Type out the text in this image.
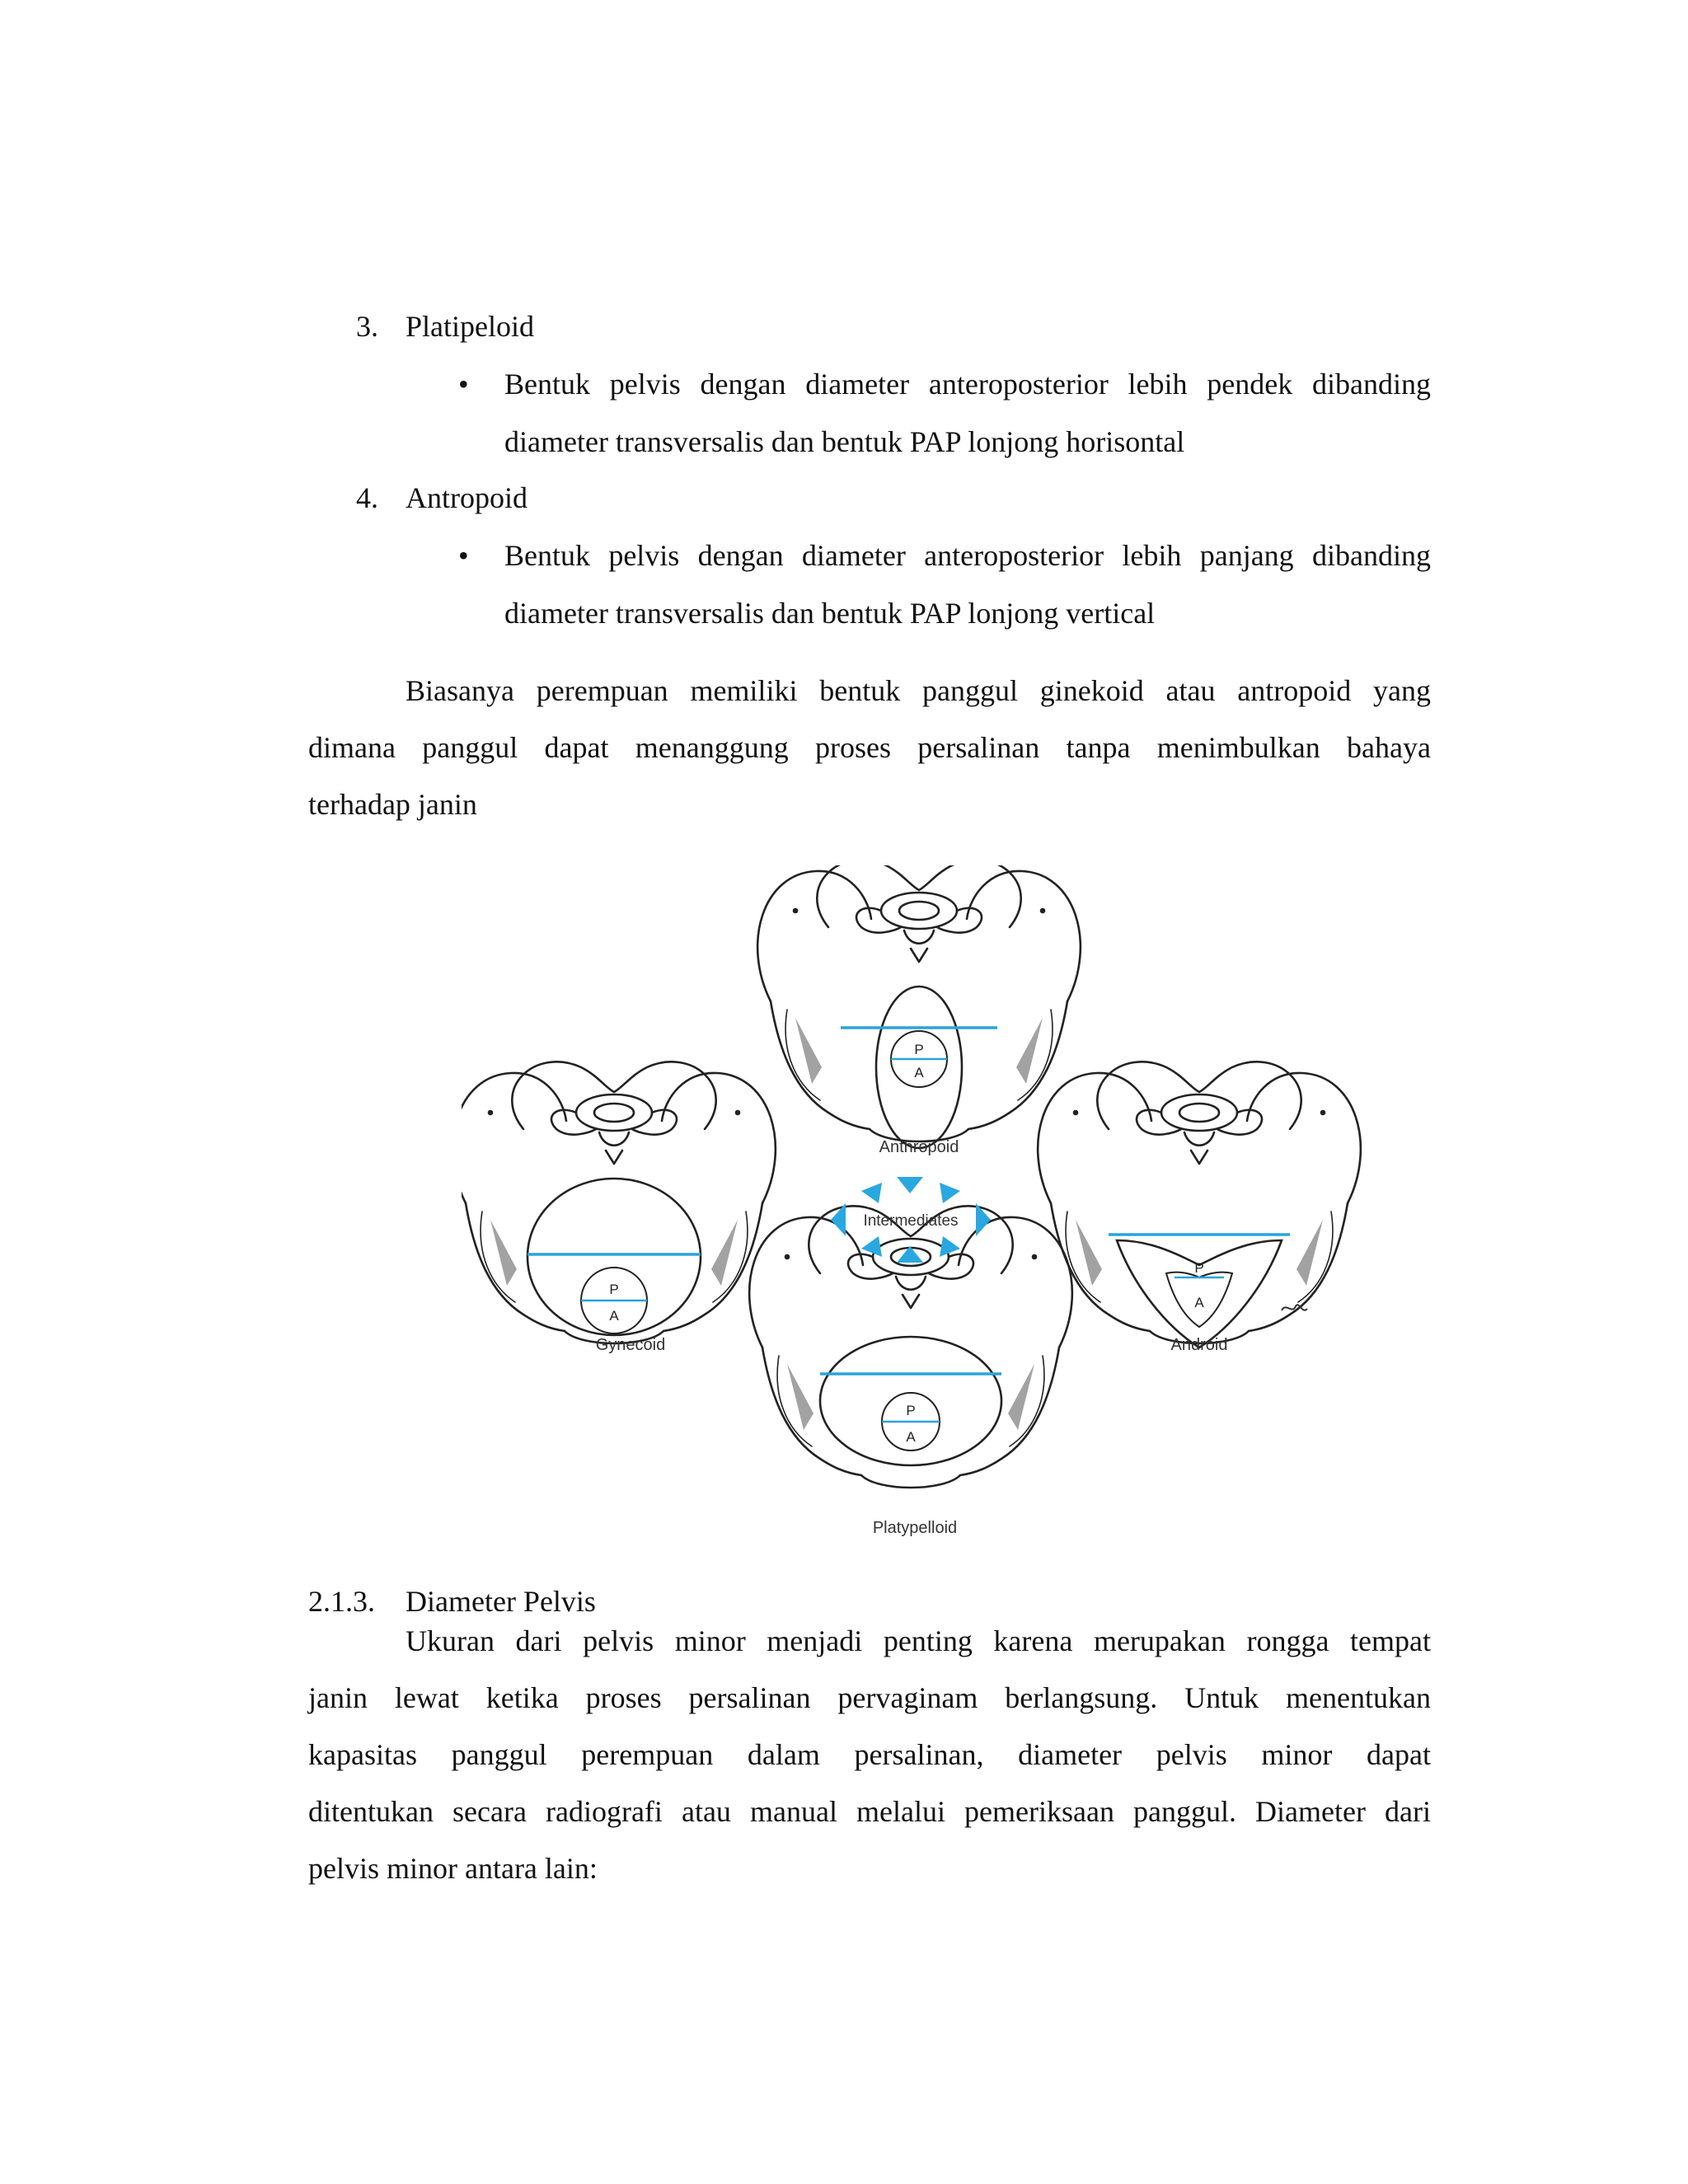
3. Platipeloid
• Bentuk pelvis dengan diameter anteroposterior lebih pendek dibanding
diameter transversalis dan bentuk PAP lonjong horisontal
4. Antropoid
• Bentuk pelvis dengan diameter anteroposterior lebih panjang dibanding
diameter transversalis dan bentuk PAP lonjong vertical
Biasanya perempuan memiliki bentuk panggul ginekoid atau antropoid yang
dimana panggul dapat menanggung proses persalinan tanpa menimbulkan bahaya
terhadap janin
P
A
Anthropoid
P
A
Gynecoid
P
A
Android
P
A
Platypelloid
Intermediates
2.1.3. Diameter Pelvis
Ukuran dari pelvis minor menjadi penting karena merupakan rongga tempat
janin lewat ketika proses persalinan pervaginam berlangsung. Untuk menentukan
kapasitas panggul perempuan dalam persalinan, diameter pelvis minor dapat
ditentukan secara radiografi atau manual melalui pemeriksaan panggul. Diameter dari
pelvis minor antara lain:
